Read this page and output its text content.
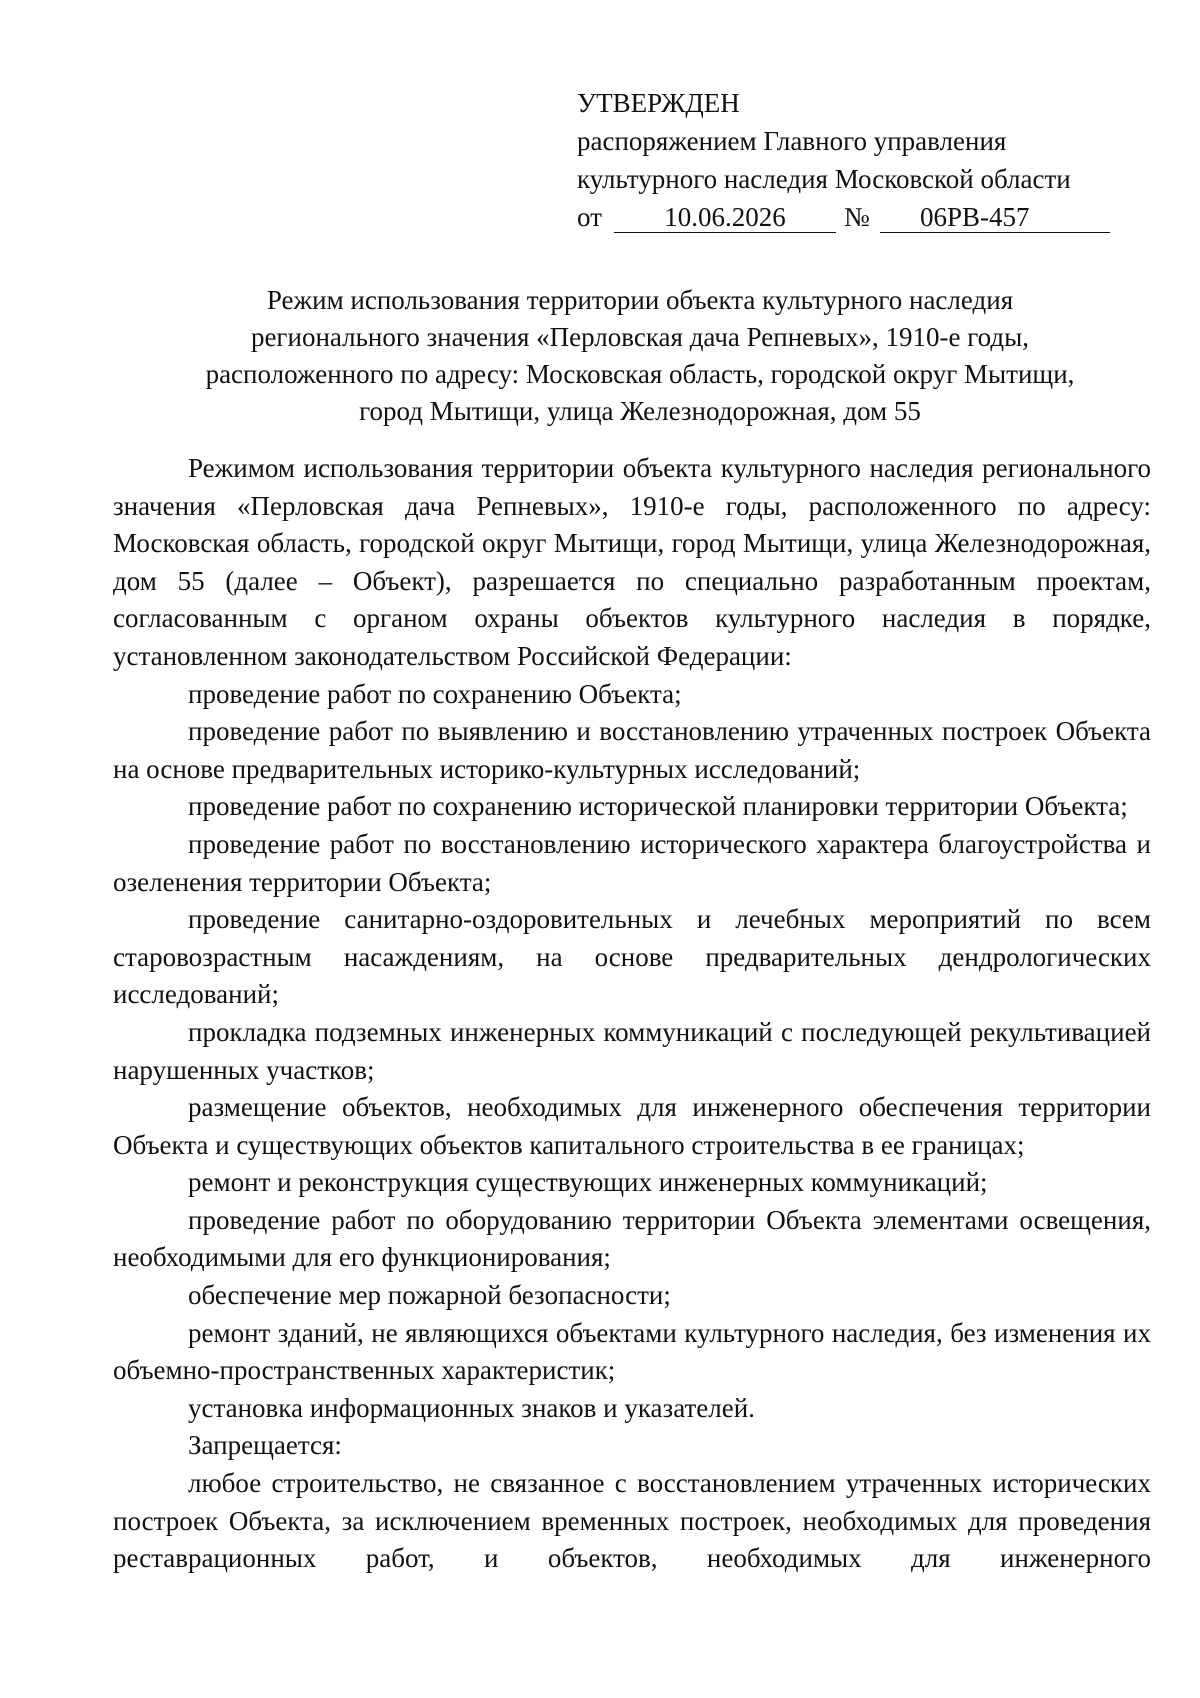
УТВЕРЖДЕН
распоряжением Главного управления
культурного наследия Московской области
от	10.06.2026	№	06РВ-457
Режим использования территории объекта культурного наследия
регионального значения «Перловская дача Репневых», 1910-е годы,
расположенного по адресу: Московская область, городской округ Мытищи,
город Мытищи, улица Железнодорожная, дом 55

Режимом использования территории объекта культурного наследия регионального значения «Перловская дача Репневых», 1910-е годы, расположенного по адресу: Московская область, городской округ Мытищи, город Мытищи, улица Железнодорожная, дом 55 (далее – Объект), разрешается по специально разработанным проектам, согласованным с органом охраны объектов культурного наследия в порядке, установленном законодательством Российской Федерации:

проведение работ по сохранению Объекта;

проведение работ по выявлению и восстановлению утраченных построек Объекта на основе предварительных историко-культурных исследований;

проведение работ по сохранению исторической планировки территории Объекта;

проведение работ по восстановлению исторического характера благоустройства и озеленения территории Объекта;

проведение санитарно-оздоровительных и лечебных мероприятий по всем старовозрастным насаждениям, на основе предварительных дендрологических исследований;

прокладка подземных инженерных коммуникаций с последующей рекультивацией нарушенных участков;

размещение объектов, необходимых для инженерного обеспечения территории Объекта и существующих объектов капитального строительства в ее границах;

ремонт и реконструкция существующих инженерных коммуникаций;

проведение работ по оборудованию территории Объекта элементами освещения, необходимыми для его функционирования;

обеспечение мер пожарной безопасности;

ремонт зданий, не являющихся объектами культурного наследия, без изменения их объемно-пространственных характеристик;

установка информационных знаков и указателей.

Запрещается:

любое строительство, не связанное с восстановлением утраченных исторических построек Объекта, за исключением временных построек, необходимых для проведения реставрационных работ, и объектов, необходимых для инженерного
